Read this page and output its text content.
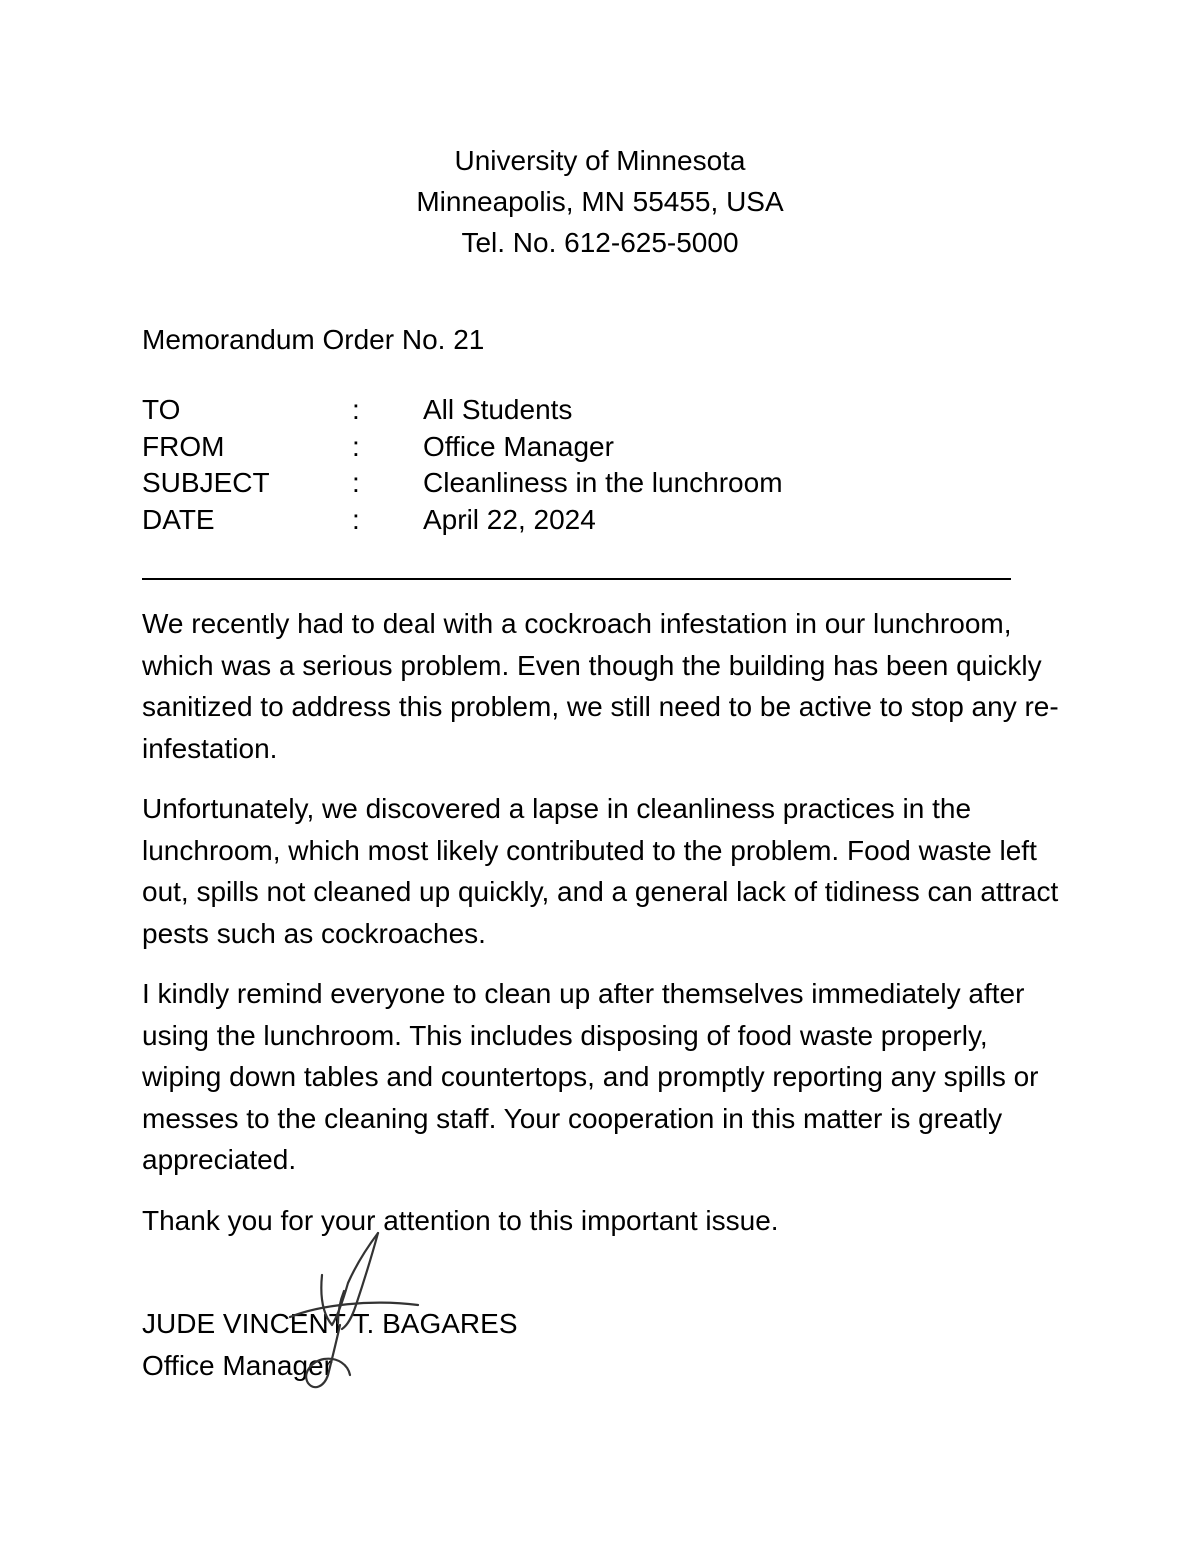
University of Minnesota
Minneapolis, MN 55455, USA
Tel. No. 612-625-5000
Memorandum Order No. 21
TO	: All Students
FROM	: Office Manager
SUBJECT	: Cleanliness in the lunchroom
DATE	: April 22, 2024

We recently had to deal with a cockroach infestation in our lunchroom, which was a serious problem. Even though the building has been quickly sanitized to address this problem, we still need to be active to stop any re-infestation.

Unfortunately, we discovered a lapse in cleanliness practices in the lunchroom, which most likely contributed to the problem. Food waste left out, spills not cleaned up quickly, and a general lack of tidiness can attract pests such as cockroaches.

I kindly remind everyone to clean up after themselves immediately after using the lunchroom. This includes disposing of food waste properly, wiping down tables and countertops, and promptly reporting any spills or messes to the cleaning staff. Your cooperation in this matter is greatly appreciated.

Thank you for your attention to this important issue.

JUDE VINCENT T. BAGARES
Office Manager
